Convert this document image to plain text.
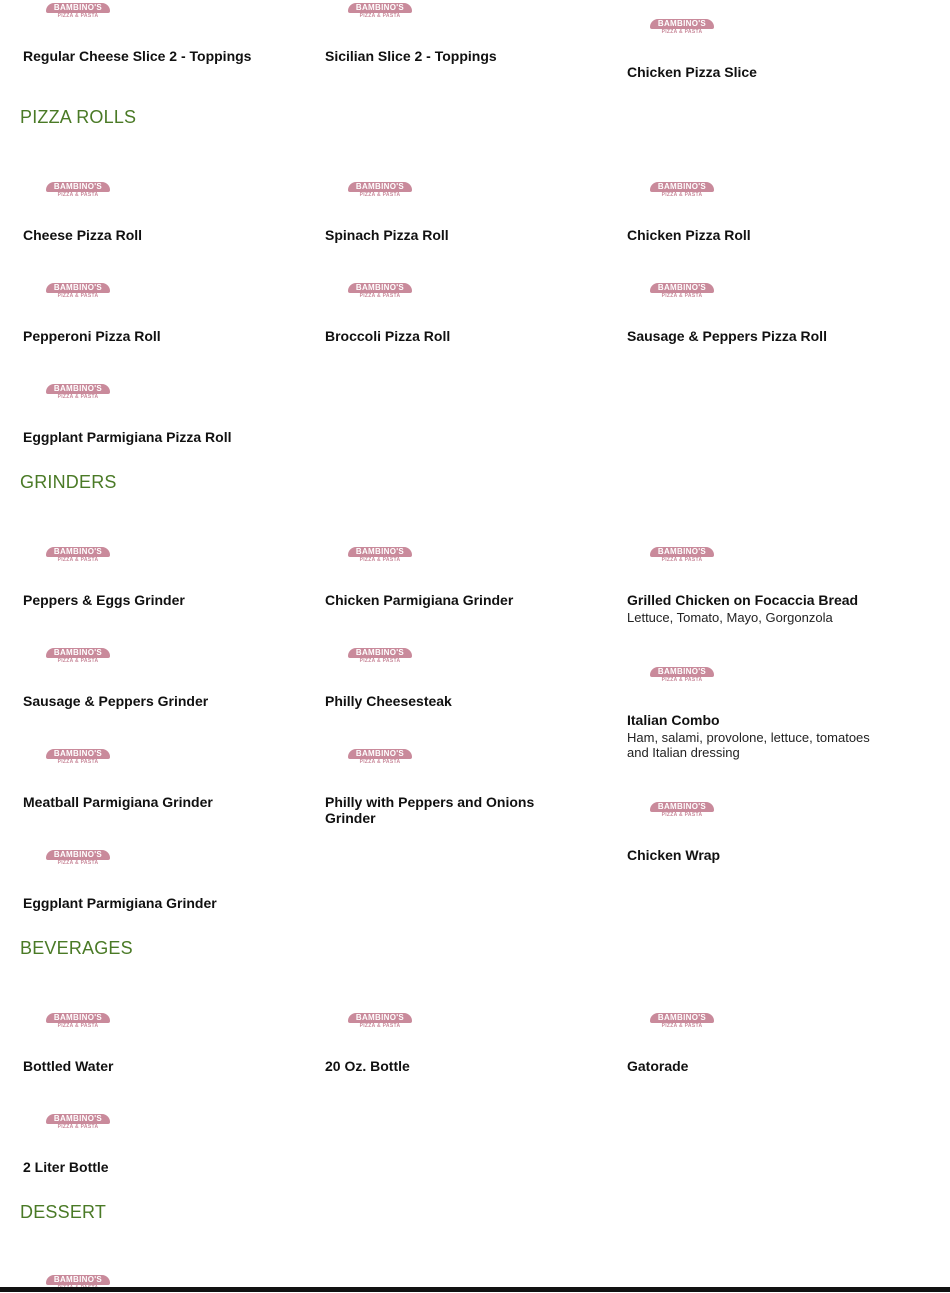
PIZZA ROLLS
GRINDERS
BEVERAGES
DESSERT
BAMBINO'S
PIZZA & PASTA
Regular Cheese Slice 2 - Toppings
BAMBINO'S
PIZZA & PASTA
Sicilian Slice 2 - Toppings
BAMBINO'S
PIZZA & PASTA
Chicken Pizza Slice
BAMBINO'S
PIZZA & PASTA
Cheese Pizza Roll
BAMBINO'S
PIZZA & PASTA
Spinach Pizza Roll
BAMBINO'S
PIZZA & PASTA
Chicken Pizza Roll
BAMBINO'S
PIZZA & PASTA
Pepperoni Pizza Roll
BAMBINO'S
PIZZA & PASTA
Broccoli Pizza Roll
BAMBINO'S
PIZZA & PASTA
Sausage & Peppers Pizza Roll
BAMBINO'S
PIZZA & PASTA
Eggplant Parmigiana Pizza Roll
BAMBINO'S
PIZZA & PASTA
Peppers & Eggs Grinder
BAMBINO'S
PIZZA & PASTA
Chicken Parmigiana Grinder
BAMBINO'S
PIZZA & PASTA
Grilled Chicken on Focaccia Bread
Lettuce, Tomato, Mayo, Gorgonzola
BAMBINO'S
PIZZA & PASTA
Sausage & Peppers Grinder
BAMBINO'S
PIZZA & PASTA
Philly Cheesesteak
BAMBINO'S
PIZZA & PASTA
Italian Combo
Ham, salami, provolone, lettuce, tomatoes and Italian dressing
BAMBINO'S
PIZZA & PASTA
Meatball Parmigiana Grinder
BAMBINO'S
PIZZA & PASTA
Philly with Peppers and Onions Grinder
BAMBINO'S
PIZZA & PASTA
Chicken Wrap
BAMBINO'S
PIZZA & PASTA
Eggplant Parmigiana Grinder
BAMBINO'S
PIZZA & PASTA
Bottled Water
BAMBINO'S
PIZZA & PASTA
20 Oz. Bottle
BAMBINO'S
PIZZA & PASTA
Gatorade
BAMBINO'S
PIZZA & PASTA
2 Liter Bottle
BAMBINO'S
